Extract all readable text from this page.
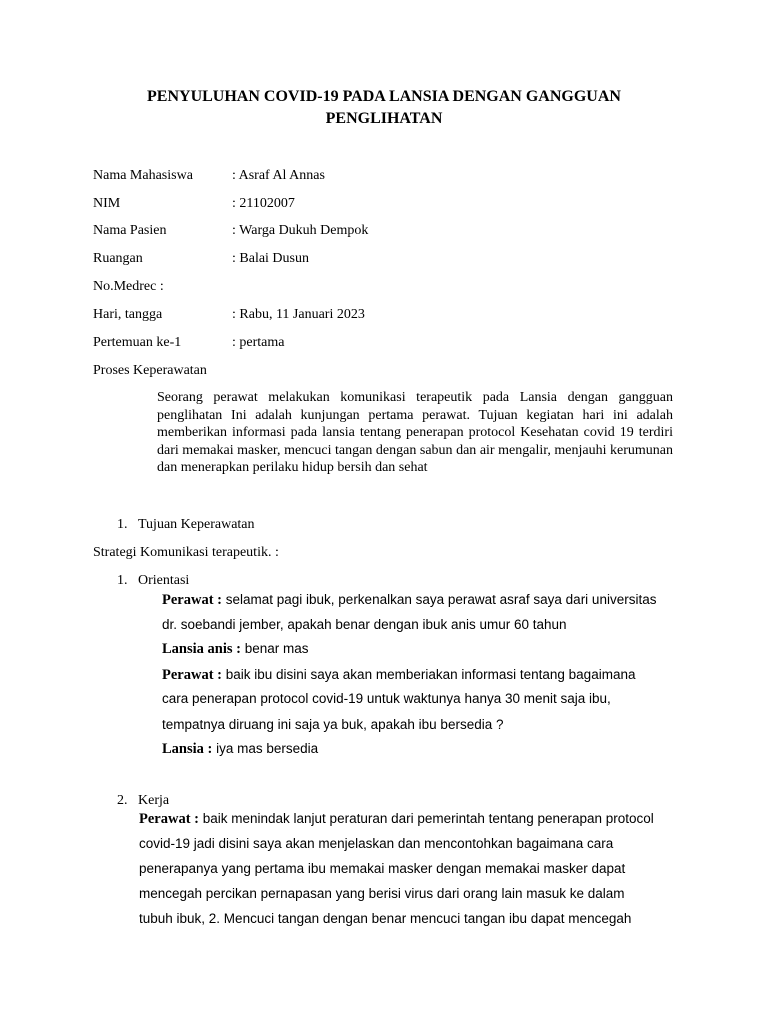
PENYULUHAN COVID-19 PADA LANSIA DENGAN GANGGUAN
PENGLIHATAN
Nama Mahasiswa	: Asraf Al Annas
NIM	: 21102007
Nama Pasien	: Warga Dukuh Dempok
Ruangan	: Balai Dusun
No.Medrec :
Hari, tangga	: Rabu, 11 Januari 2023
Pertemuan ke-1	: pertama
Proses Keperawatan
Seorang perawat melakukan komunikasi terapeutik pada Lansia dengan gangguan penglihatan Ini adalah kunjungan pertama perawat. Tujuan kegiatan hari ini adalah memberikan informasi pada lansia tentang penerapan protocol Kesehatan covid 19 terdiri dari memakai masker, mencuci tangan dengan sabun dan air mengalir, menjauhi kerumunan dan menerapkan perilaku hidup bersih dan sehat
1. Tujuan Keperawatan
Strategi Komunikasi terapeutik. :
1. Orientasi
Perawat : selamat pagi ibuk, perkenalkan saya perawat asraf saya dari universitas
dr. soebandi jember, apakah benar dengan ibuk anis umur 60 tahun
Lansia anis : benar mas
Perawat : baik ibu disini saya akan memberiakan informasi tentang bagaimana
cara penerapan protocol covid-19 untuk waktunya hanya 30 menit saja ibu,
tempatnya diruang ini saja ya buk, apakah ibu bersedia ?
Lansia : iya mas bersedia
2. Kerja
Perawat : baik menindak lanjut peraturan dari pemerintah tentang penerapan protocol
covid-19 jadi disini saya akan menjelaskan dan mencontohkan bagaimana cara
penerapanya yang pertama ibu memakai masker dengan memakai masker dapat
mencegah percikan pernapasan yang berisi virus dari orang lain masuk ke dalam
tubuh ibuk, 2. Mencuci tangan dengan benar mencuci tangan ibu dapat mencegah
